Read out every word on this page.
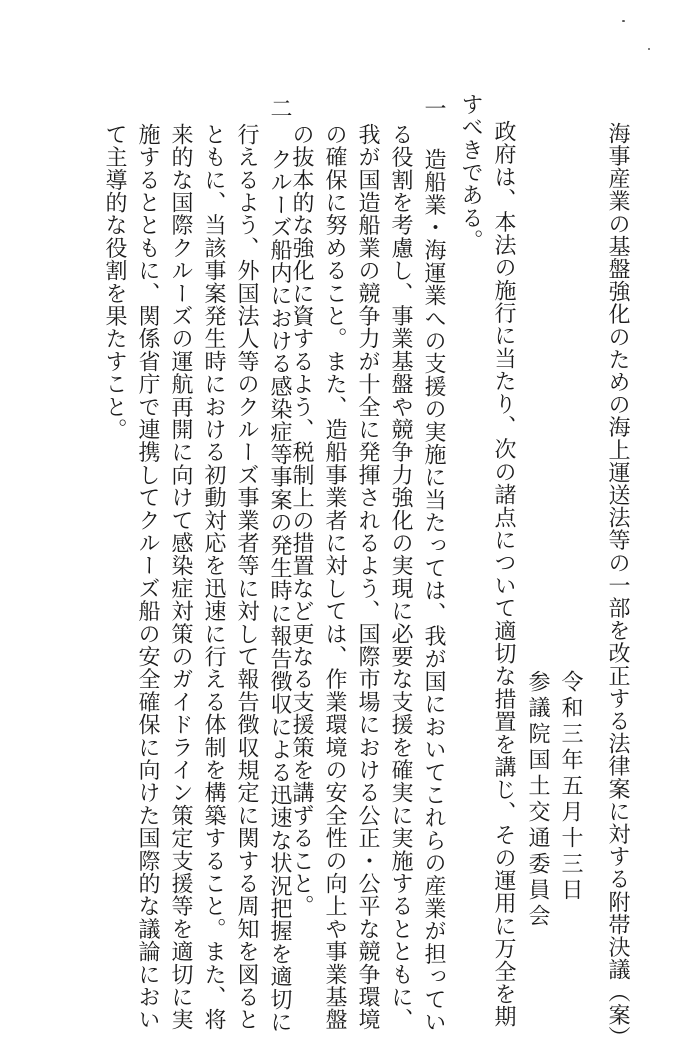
海事産業の基盤強化のための海上運送法等の一部を改正する法律案に対する附帯決議（案）
令和三年五月十三日
参議院国土交通委員会
政府は、本法の施行に当たり、次の諸点について適切な措置を講じ、その運用に万全を期
すべきである。
一
造船業・海運業への支援の実施に当たっては、我が国においてこれらの産業が担ってい
る役割を考慮し、事業基盤や競争力強化の実現に必要な支援を確実に実施するとともに、
我が国造船業の競争力が十全に発揮されるよう、国際市場における公正・公平な競争環境
の確保に努めること。また、造船事業者に対しては、作業環境の安全性の向上や事業基盤
の抜本的な強化に資するよう、税制上の措置など更なる支援策を講ずること。
二
クルーズ船内における感染症等事案の発生時に報告徴収による迅速な状況把握を適切に
行えるよう、外国法人等のクルーズ事業者等に対して報告徴収規定に関する周知を図ると
ともに、当該事案発生時における初動対応を迅速に行える体制を構築すること。また、将
来的な国際クルーズの運航再開に向けて感染症対策のガイドライン策定支援等を適切に実
施するとともに、関係省庁で連携してクルーズ船の安全確保に向けた国際的な議論におい
て主導的な役割を果たすこと。
